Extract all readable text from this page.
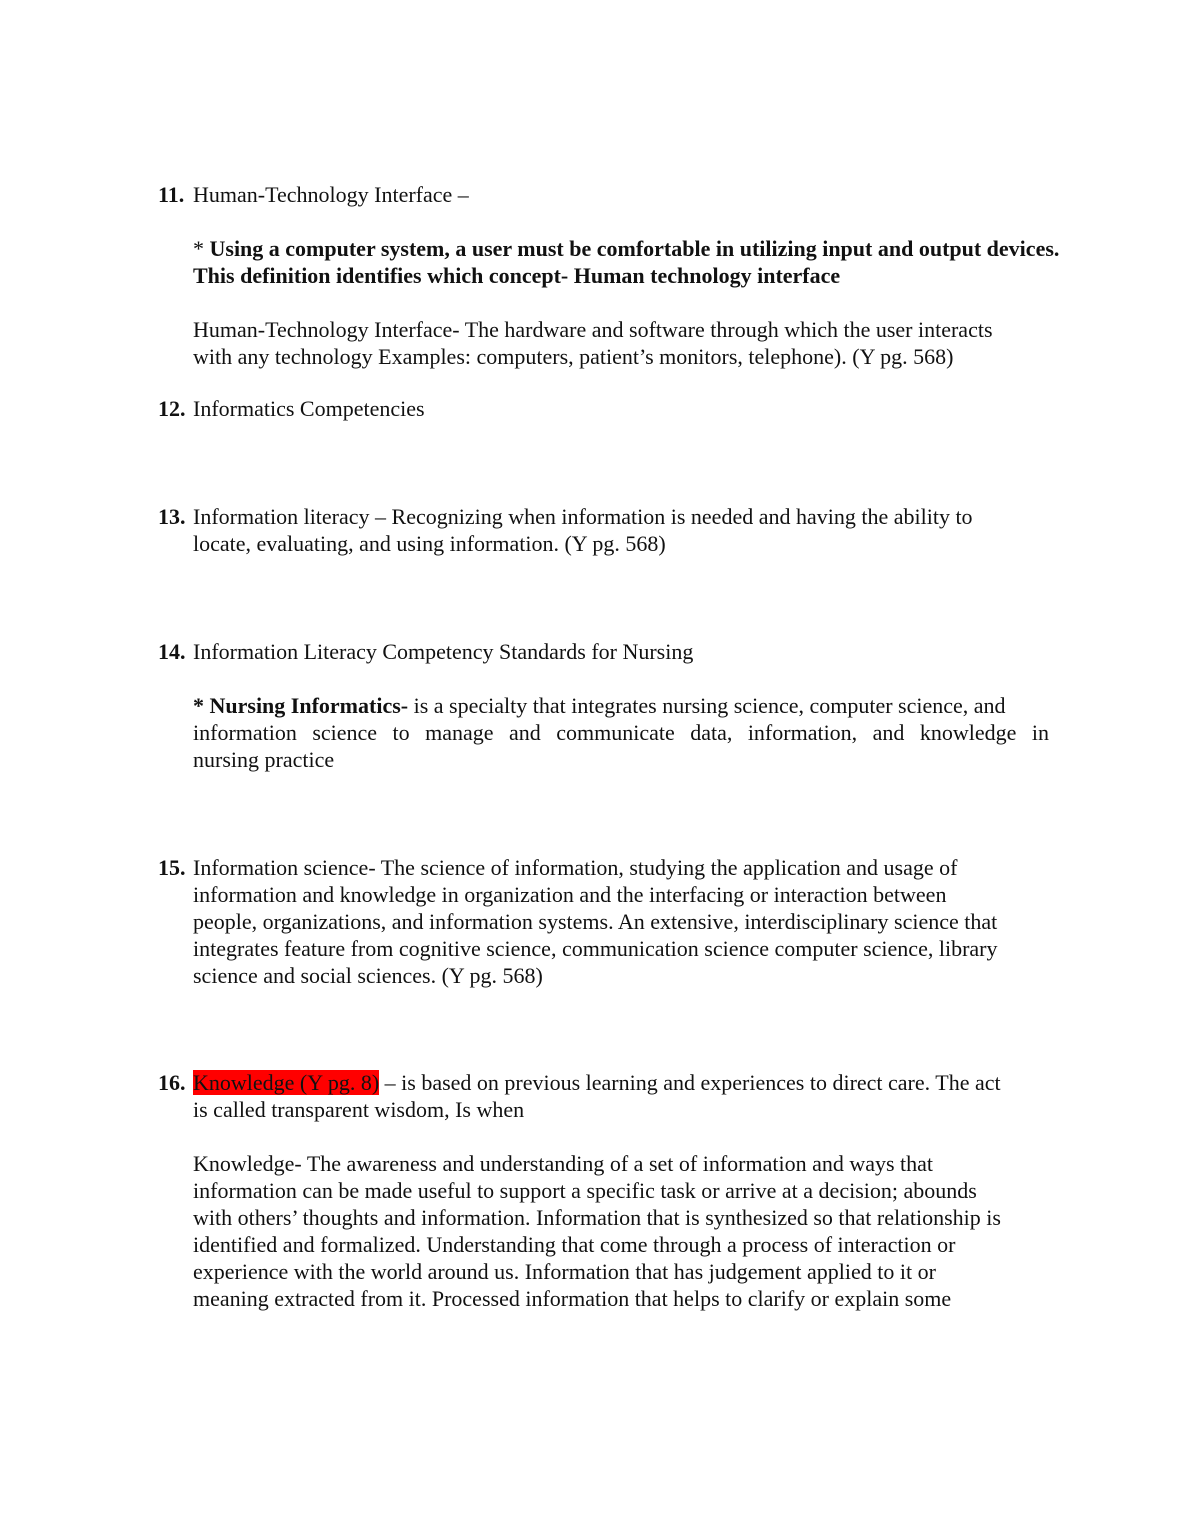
11. Human-Technology Interface –
* Using a computer system, a user must be comfortable in utilizing input and output devices.
This definition identifies which concept- Human technology interface
Human-Technology Interface- The hardware and software through which the user interacts
with any technology Examples: computers, patient’s monitors, telephone). (Y pg. 568)
12. Informatics Competencies
13. Information literacy – Recognizing when information is needed and having the ability to
locate, evaluating, and using information. (Y pg. 568)
14. Information Literacy Competency Standards for Nursing
* Nursing Informatics- is a specialty that integrates nursing science, computer science, and
information science to manage and communicate data, information, and knowledge in
nursing practice
15. Information science- The science of information, studying the application and usage of
information and knowledge in organization and the interfacing or interaction between
people, organizations, and information systems. An extensive, interdisciplinary science that
integrates feature from cognitive science, communication science computer science, library
science and social sciences. (Y pg. 568)
16. Knowledge (Y pg. 8) – is based on previous learning and experiences to direct care. The act
is called transparent wisdom, Is when
Knowledge- The awareness and understanding of a set of information and ways that
information can be made useful to support a specific task or arrive at a decision; abounds
with others’ thoughts and information. Information that is synthesized so that relationship is
identified and formalized. Understanding that come through a process of interaction or
experience with the world around us. Information that has judgement applied to it or
meaning extracted from it. Processed information that helps to clarify or explain some
